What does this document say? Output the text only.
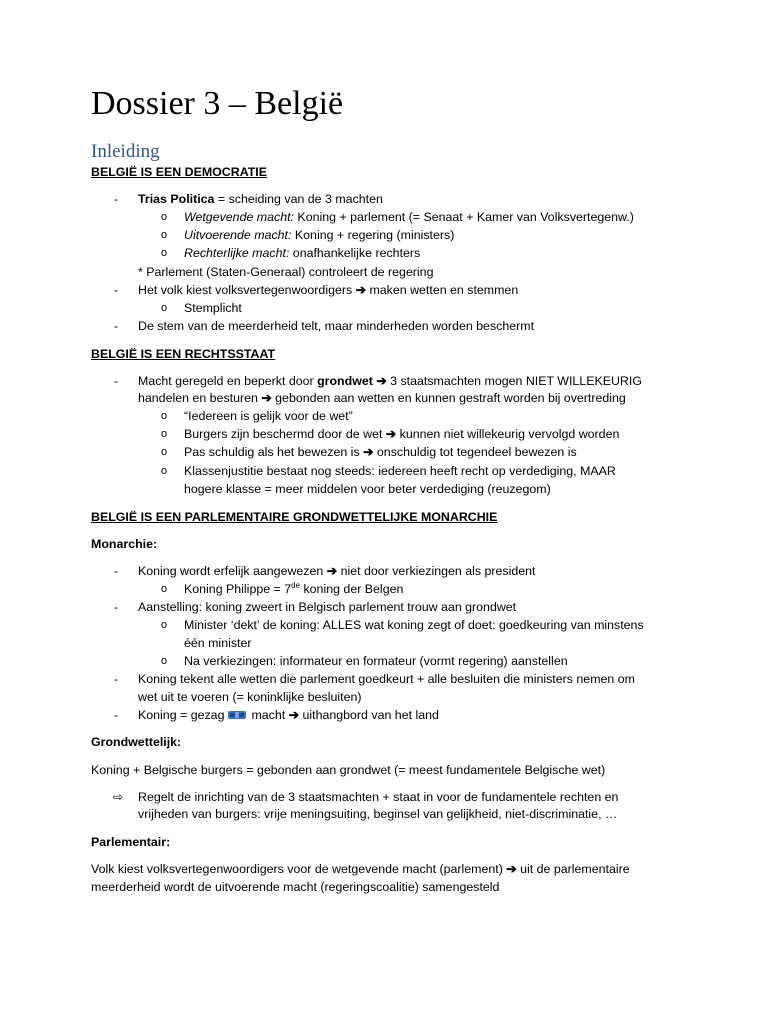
Dossier 3 – België
Inleiding
BELGIË IS EEN DEMOCRATIE
- Trias Politica = scheiding van de 3 machten
o Wetgevende macht: Koning + parlement (= Senaat + Kamer van Volksvertegenw.)
o Uitvoerende macht: Koning + regering (ministers)
o Rechterlijke macht: onafhankelijke rechters
* Parlement (Staten-Generaal) controleert de regering
- Het volk kiest volksvertegenwoordigers ➔ maken wetten en stemmen
o Stemplicht
- De stem van de meerderheid telt, maar minderheden worden beschermt
BELGIË IS EEN RECHTSSTAAT
- Macht geregeld en beperkt door grondwet ➔ 3 staatsmachten mogen NIET WILLEKEURIG
handelen en besturen ➔ gebonden aan wetten en kunnen gestraft worden bij overtreding
o “Iedereen is gelijk voor de wet”
o Burgers zijn beschermd door de wet ➔ kunnen niet willekeurig vervolgd worden
o Pas schuldig als het bewezen is ➔ onschuldig tot tegendeel bewezen is
o Klassenjustitie bestaat nog steeds: iedereen heeft recht op verdediging, MAAR
hogere klasse = meer middelen voor beter verdediging (reuzegom)
BELGIË IS EEN PARLEMENTAIRE GRONDWETTELIJKE MONARCHIE
Monarchie:
- Koning wordt erfelijk aangewezen ➔ niet door verkiezingen als president
o Koning Philippe = 7de koning der Belgen
- Aanstelling: koning zweert in Belgisch parlement trouw aan grondwet
o Minister ‘dekt’ de koning: ALLES wat koning zegt of doet: goedkeuring van minstens
één minister
o Na verkiezingen: informateur en formateur (vormt regering) aanstellen
- Koning tekent alle wetten die parlement goedkeurt + alle besluiten die ministers nemen om
wet uit te voeren (= koninklijke besluiten)
- Koning = gezag macht ➔ uithangbord van het land
Grondwettelijk:
Koning + Belgische burgers = gebonden aan grondwet (= meest fundamentele Belgische wet)
⇨ Regelt de inrichting van de 3 staatsmachten + staat in voor de fundamentele rechten en
vrijheden van burgers: vrije meningsuiting, beginsel van gelijkheid, niet-discriminatie, …
Parlementair:
Volk kiest volksvertegenwoordigers voor de wetgevende macht (parlement) ➔ uit de parlementaire
meerderheid wordt de uitvoerende macht (regeringscoalitie) samengesteld
